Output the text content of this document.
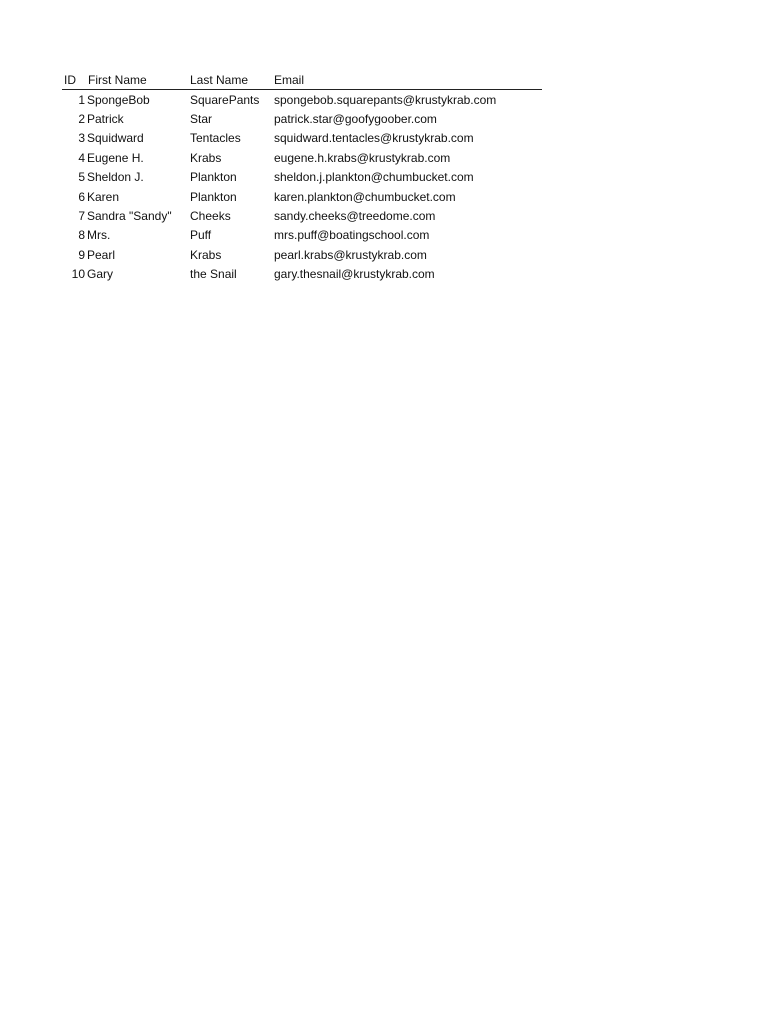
ID	First Name	Last Name	Email
1	SpongeBob	SquarePants	spongebob.squarepants@krustykrab.com
2	Patrick	Star	patrick.star@goofygoober.com
3	Squidward	Tentacles	squidward.tentacles@krustykrab.com
4	Eugene H.	Krabs	eugene.h.krabs@krustykrab.com
5	Sheldon J.	Plankton	sheldon.j.plankton@chumbucket.com
6	Karen	Plankton	karen.plankton@chumbucket.com
7	Sandra "Sandy"	Cheeks	sandy.cheeks@treedome.com
8	Mrs.	Puff	mrs.puff@boatingschool.com
9	Pearl	Krabs	pearl.krabs@krustykrab.com
10	Gary	the Snail	gary.thesnail@krustykrab.com
